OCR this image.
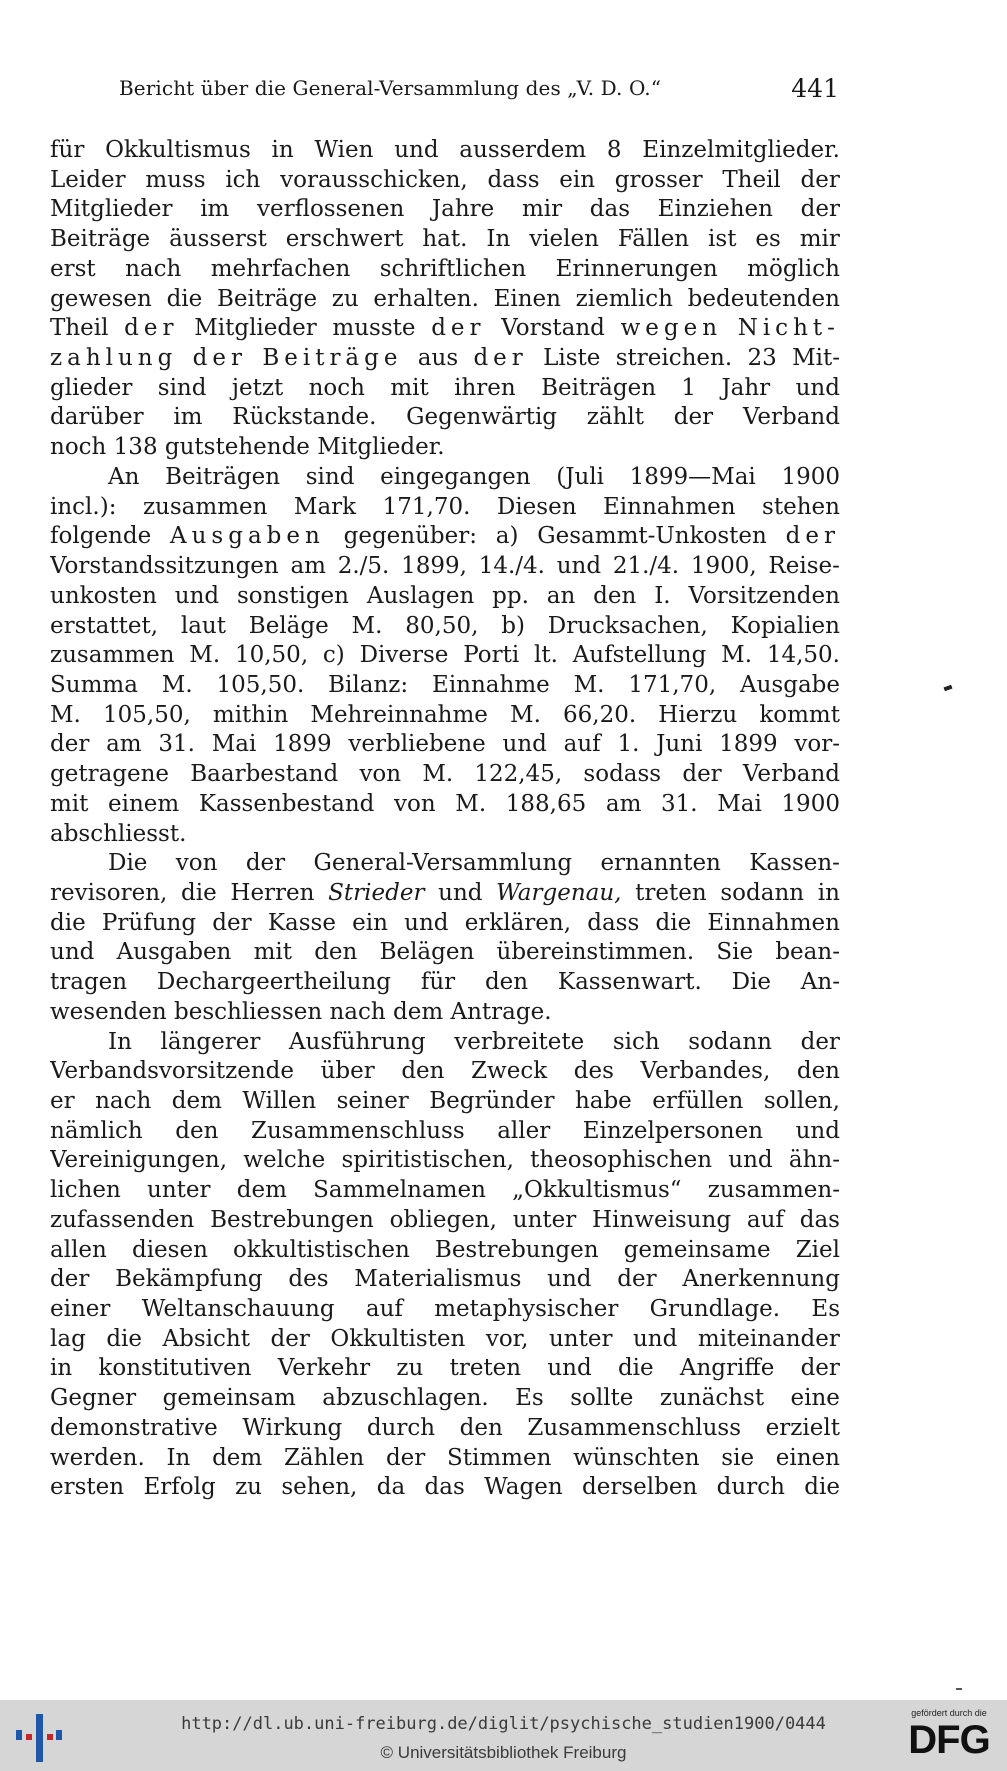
Bericht über die General-Versammlung des „V. D. O.“	441
für Okkultismus in Wien und ausserdem 8 Einzelmitglieder.
Leider muss ich vorausschicken, dass ein grosser Theil der
Mitglieder im verflossenen Jahre mir das Einziehen der
Beiträge äusserst erschwert hat. In vielen Fällen ist es mir
erst nach mehrfachen schriftlichen Erinnerungen möglich
gewesen die Beiträge zu erhalten. Einen ziemlich bedeutenden
Theil der Mitglieder musste der Vorstand wegen Nicht-
zahlung der Beiträge aus der Liste streichen. 23 Mit-
glieder sind jetzt noch mit ihren Beiträgen 1 Jahr und
darüber im Rückstande. Gegenwärtig zählt der Verband
noch 138 gutstehende Mitglieder.
An Beiträgen sind eingegangen (Juli 1899—Mai 1900
incl.): zusammen Mark 171,70. Diesen Einnahmen stehen
folgende Ausgaben gegenüber: a) Gesammt-Unkosten der
Vorstandssitzungen am 2./5. 1899, 14./4. und 21./4. 1900, Reise-
unkosten und sonstigen Auslagen pp. an den I. Vorsitzenden
erstattet, laut Beläge M. 80,50, b) Drucksachen, Kopialien
zusammen M. 10,50, c) Diverse Porti lt. Aufstellung M. 14,50.
Summa M. 105,50. Bilanz: Einnahme M. 171,70, Ausgabe
M. 105,50, mithin Mehreinnahme M. 66,20. Hierzu kommt
der am 31. Mai 1899 verbliebene und auf 1. Juni 1899 vor-
getragene Baarbestand von M. 122,45, sodass der Verband
mit einem Kassenbestand von M. 188,65 am 31. Mai 1900
abschliesst.
Die von der General-Versammlung ernannten Kassen-
revisoren, die Herren Strieder und Wargenau, treten sodann in
die Prüfung der Kasse ein und erklären, dass die Einnahmen
und Ausgaben mit den Belägen übereinstimmen. Sie bean-
tragen Dechargeertheilung für den Kassenwart. Die An-
wesenden beschliessen nach dem Antrage.
In längerer Ausführung verbreitete sich sodann der
Verbandsvorsitzende über den Zweck des Verbandes, den
er nach dem Willen seiner Begründer habe erfüllen sollen,
nämlich den Zusammenschluss aller Einzelpersonen und
Vereinigungen, welche spiritistischen, theosophischen und ähn-
lichen unter dem Sammelnamen „Okkultismus“ zusammen-
zufassenden Bestrebungen obliegen, unter Hinweisung auf das
allen diesen okkultistischen Bestrebungen gemeinsame Ziel
der Bekämpfung des Materialismus und der Anerkennung
einer Weltanschauung auf metaphysischer Grundlage. Es
lag die Absicht der Okkultisten vor, unter und miteinander
in konstitutiven Verkehr zu treten und die Angriffe der
Gegner gemeinsam abzuschlagen. Es sollte zunächst eine
demonstrative Wirkung durch den Zusammenschluss erzielt
werden. In dem Zählen der Stimmen wünschten sie einen
ersten Erfolg zu sehen, da das Wagen derselben durch die
http://dl.ub.uni-freiburg.de/diglit/psychische_studien1900/0444
© Universitätsbibliothek Freiburg
gefördert durch die
DFG
